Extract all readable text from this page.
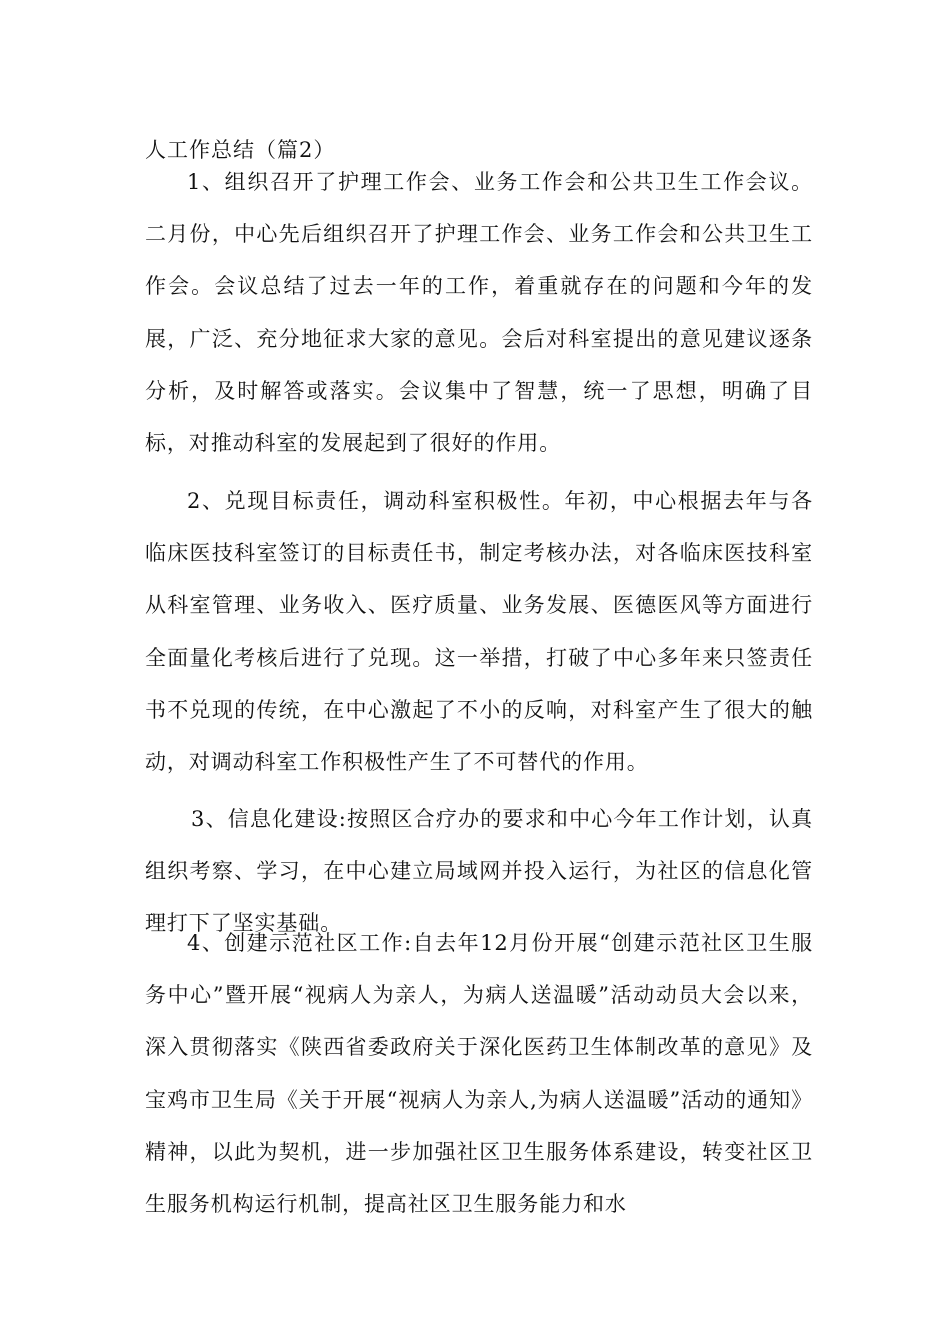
人工作总结（篇2）

1、组织召开了护理工作会、业务工作会和公共卫生工作会议。二月份，中心先后组织召开了护理工作会、业务工作会和公共卫生工作会。会议总结了过去一年的工作，着重就存在的问题和今年的发展，广泛、充分地征求大家的意见。会后对科室提出的意见建议逐条分析，及时解答或落实。会议集中了智慧，统一了思想，明确了目标，对推动科室的发展起到了很好的作用。

2、兑现目标责任，调动科室积极性。年初，中心根据去年与各临床医技科室签订的目标责任书，制定考核办法，对各临床医技科室从科室管理、业务收入、医疗质量、业务发展、医德医风等方面进行全面量化考核后进行了兑现。这一举措，打破了中心多年来只签责任书不兑现的传统，在中心激起了不小的反响，对科室产生了很大的触动，对调动科室工作积极性产生了不可替代的作用。

3、信息化建设:按照区合疗办的要求和中心今年工作计划，认真组织考察、学习，在中心建立局域网并投入运行，为社区的信息化管理打下了坚实基础。

4、创建示范社区工作:自去年12月份开展“创建示范社区卫生服务中心”暨开展“视病人为亲人，为病人送温暖”活动动员大会以来，深入贯彻落实《陕西省委政府关于深化医药卫生体制改革的意见》及宝鸡市卫生局《关于开展“视病人为亲人,为病人送温暖”活动的通知》精神，以此为契机，进一步加强社区卫生服务体系建设，转变社区卫生服务机构运行机制，提高社区卫生服务能力和水
